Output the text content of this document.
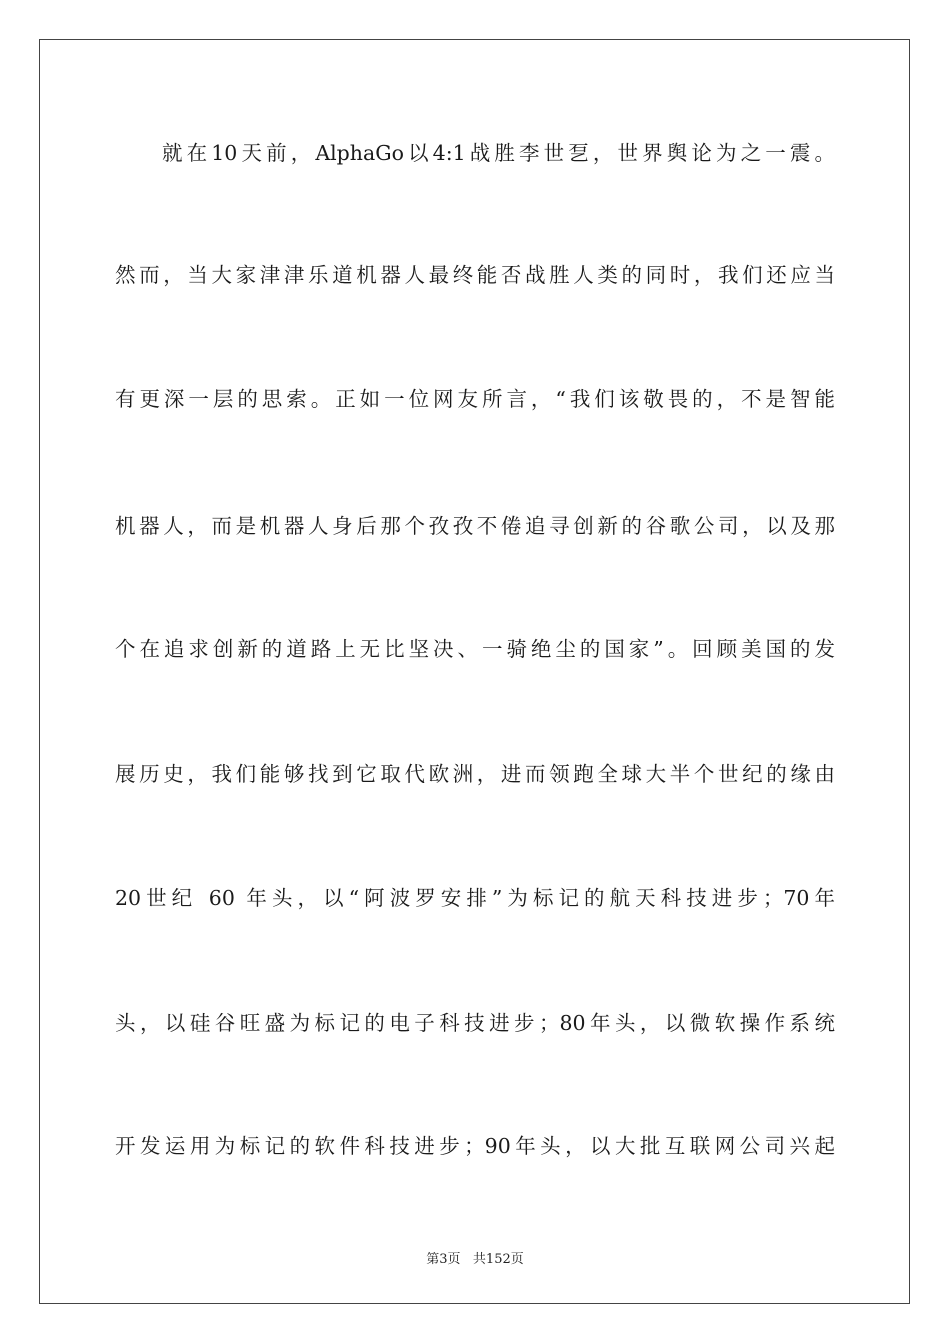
就在10天前，AlphaGo以4:1战胜李世乭，世界舆论为之一震。
然而，当大家津津乐道机器人最终能否战胜人类的同时，我们还应当
有更深一层的思索。正如一位网友所言，“我们该敬畏的，不是智能
机器人，而是机器人身后那个孜孜不倦追寻创新的谷歌公司，以及那
个在追求创新的道路上无比坚决、一骑绝尘的国家”。回顾美国的发
展历史，我们能够找到它取代欧洲，进而领跑全球大半个世纪的缘由
20世纪 60 年头，以“阿波罗安排”为标记的航天科技进步；70年
头，以硅谷旺盛为标记的电子科技进步；80年头，以微软操作系统
开发运用为标记的软件科技进步；90年头，以大批互联网公司兴起
第3页 共152页
